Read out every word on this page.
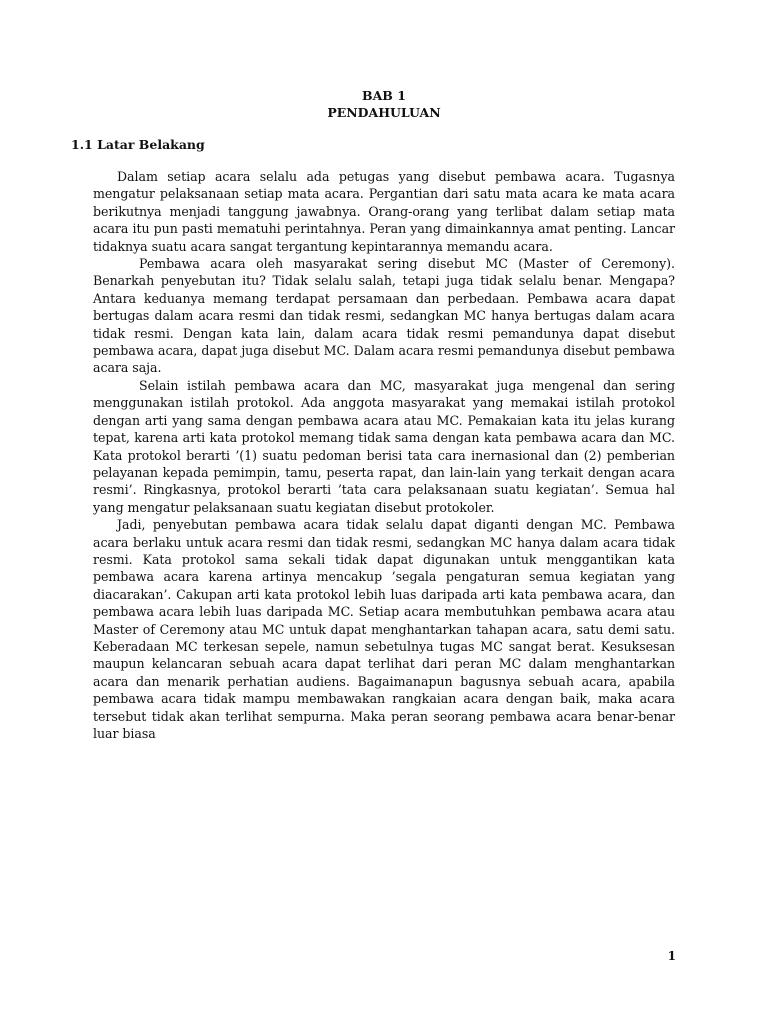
BAB 1
PENDAHULUAN
1.1 Latar Belakang

Dalam setiap acara selalu ada petugas yang disebut pembawa acara. Tugasnya mengatur pelaksanaan setiap mata acara. Pergantian dari satu mata acara ke mata acara berikutnya menjadi tanggung jawabnya. Orang-orang yang terlibat dalam setiap mata acara itu pun pasti mematuhi perintahnya. Peran yang dimainkannya amat penting. Lancar tidaknya suatu acara sangat tergantung kepintarannya memandu acara.

Pembawa acara oleh masyarakat sering disebut MC (Master of Ceremony). Benarkah penyebutan itu? Tidak selalu salah, tetapi juga tidak selalu benar. Mengapa? Antara keduanya memang terdapat persamaan dan perbedaan. Pembawa acara dapat bertugas dalam acara resmi dan tidak resmi, sedangkan MC hanya bertugas dalam acara tidak resmi. Dengan kata lain, dalam acara tidak resmi pemandunya dapat disebut pembawa acara, dapat juga disebut MC. Dalam acara resmi pemandunya disebut pembawa acara saja.

Selain istilah pembawa acara dan MC, masyarakat juga mengenal dan sering menggunakan istilah protokol. Ada anggota masyarakat yang memakai istilah protokol dengan arti yang sama dengan pembawa acara atau MC. Pemakaian kata itu jelas kurang tepat, karena arti kata protokol memang tidak sama dengan kata pembawa acara dan MC. Kata protokol berarti ’(1) suatu pedoman berisi tata cara inernasional dan (2) pemberian pelayanan kepada pemimpin, tamu, peserta rapat, dan lain-lain yang terkait dengan acara resmi’. Ringkasnya, protokol berarti ’tata cara pelaksanaan suatu kegiatan’. Semua hal yang mengatur pelaksanaan suatu kegiatan disebut protokoler.

Jadi, penyebutan pembawa acara tidak selalu dapat diganti dengan MC. Pembawa acara berlaku untuk acara resmi dan tidak resmi, sedangkan MC hanya dalam acara tidak resmi. Kata protokol sama sekali tidak dapat digunakan untuk menggantikan kata pembawa acara karena artinya mencakup ’segala pengaturan semua kegiatan yang diacarakan’. Cakupan arti kata protokol lebih luas daripada arti kata pembawa acara, dan pembawa acara lebih luas daripada MC. Setiap acara membutuhkan pembawa acara atau Master of Ceremony atau MC untuk dapat menghantarkan tahapan acara, satu demi satu. Keberadaan MC terkesan sepele, namun sebetulnya tugas MC sangat berat. Kesuksesan maupun kelancaran sebuah acara dapat terlihat dari peran MC dalam menghantarkan acara dan menarik perhatian audiens. Bagaimanapun bagusnya sebuah acara, apabila pembawa acara tidak mampu membawakan rangkaian acara dengan baik, maka acara tersebut tidak akan terlihat sempurna. Maka peran seorang pembawa acara benar-benar luar biasa

1
